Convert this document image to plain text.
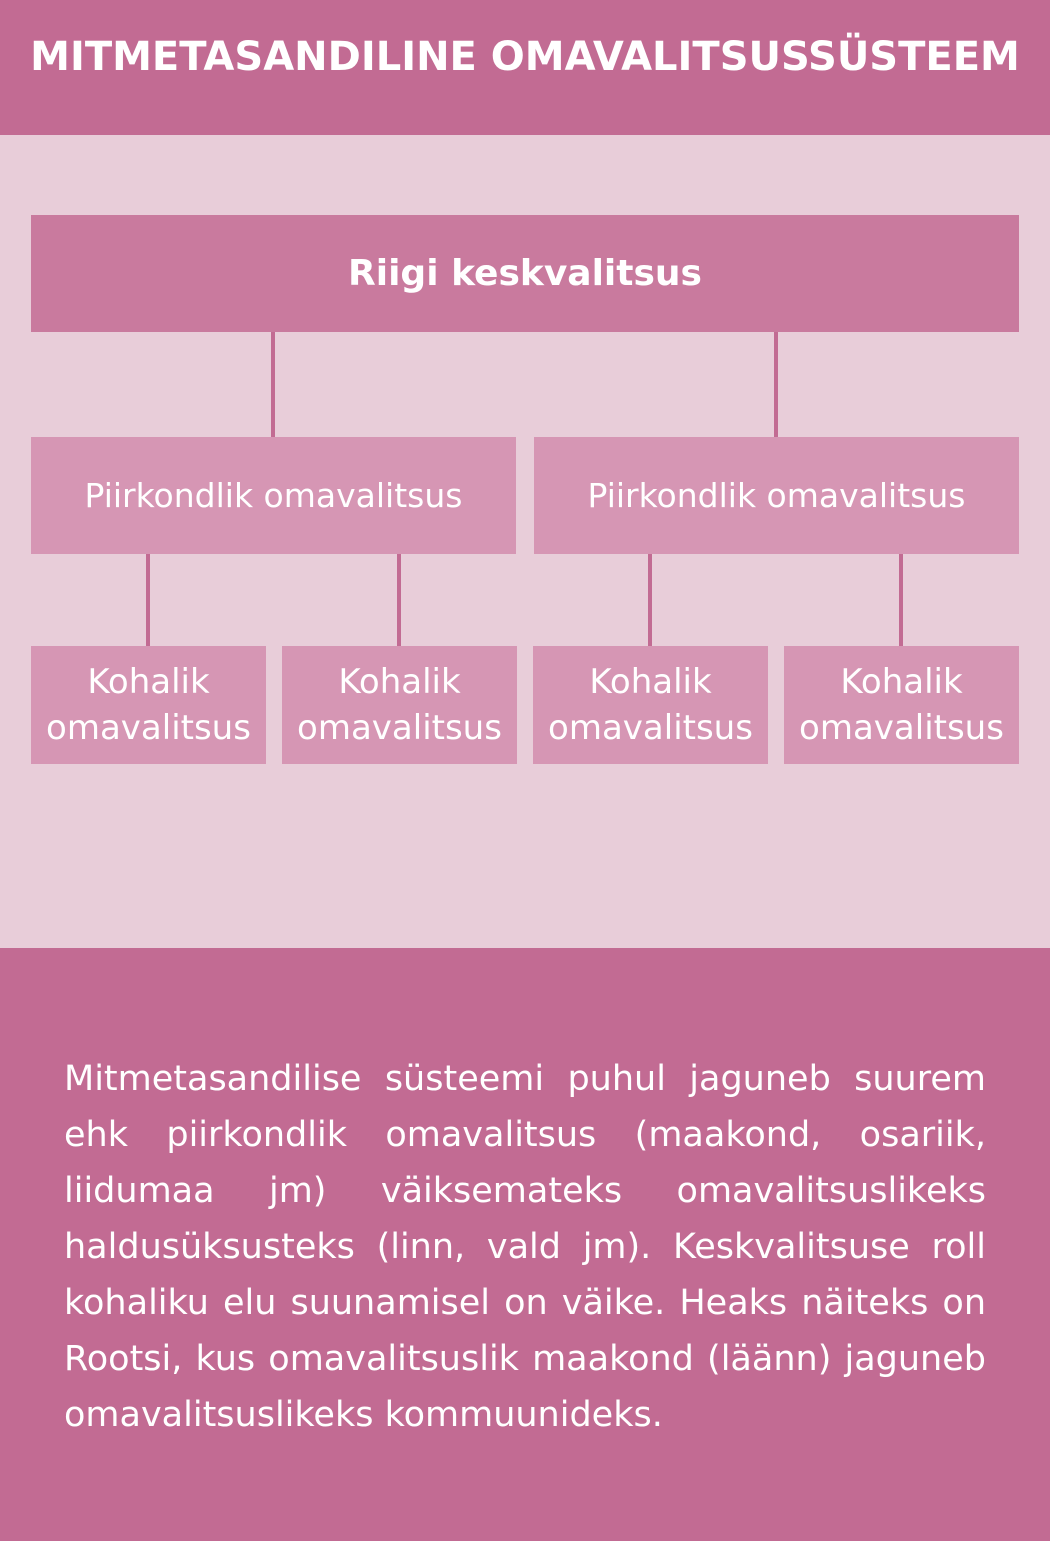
MITMETASANDILINE OMAVALITSUSSÜSTEEM
Riigi keskvalitsus
Piirkondlik omavalitsus	Piirkondlik omavalitsus
Kohalik
omavalitsus
Kohalik
omavalitsus
Kohalik
omavalitsus
Kohalik
omavalitsus

Mitmetasandilise süsteemi puhul jaguneb suurem ehk piirkondlik omavalitsus (maakond, osariik, liidumaa jm) väiksemateks omavalitsuslikeks haldusüksusteks (linn, vald jm). Keskvalitsuse roll kohaliku elu suunamisel on väike. Heaks näiteks on Rootsi, kus omavalitsuslik maakond (läänn) jaguneb omavalitsuslikeks kommuunideks.
